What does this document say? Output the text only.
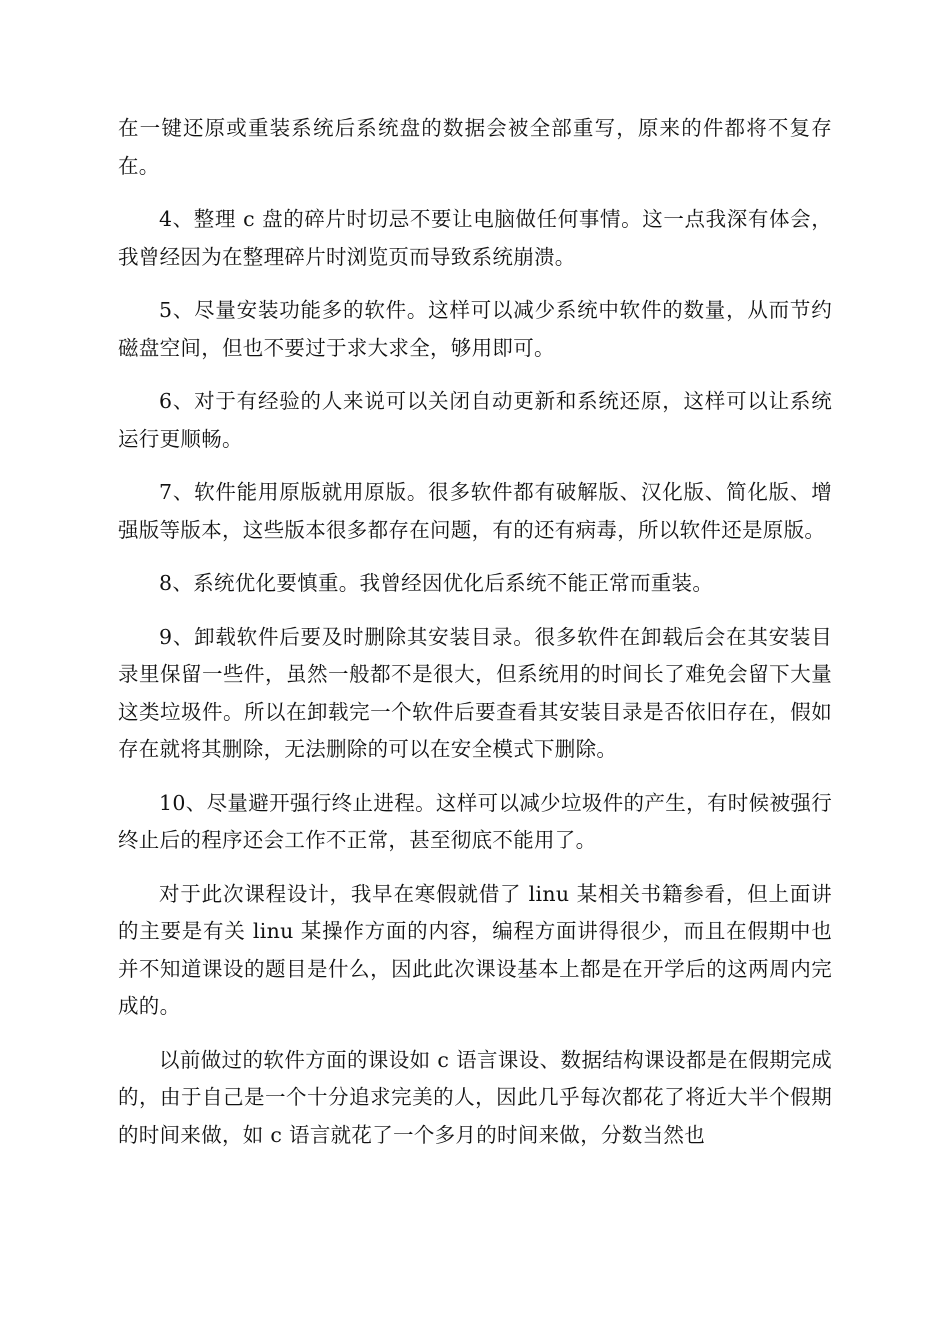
在一键还原或重装系统后系统盘的数据会被全部重写，原来的件都将不复存在。

4、整理 c 盘的碎片时切忌不要让电脑做任何事情。这一点我深有体会，我曾经因为在整理碎片时浏览页而导致系统崩溃。

5、尽量安装功能多的软件。这样可以减少系统中软件的数量，从而节约磁盘空间，但也不要过于求大求全，够用即可。

6、对于有经验的人来说可以关闭自动更新和系统还原，这样可以让系统运行更顺畅。

7、软件能用原版就用原版。很多软件都有破解版、汉化版、简化版、增强版等版本，这些版本很多都存在问题，有的还有病毒，所以软件还是原版。

8、系统优化要慎重。我曾经因优化后系统不能正常而重装。

9、卸载软件后要及时删除其安装目录。很多软件在卸载后会在其安装目录里保留一些件，虽然一般都不是很大，但系统用的时间长了难免会留下大量这类垃圾件。所以在卸载完一个软件后要查看其安装目录是否依旧存在，假如存在就将其删除，无法删除的可以在安全模式下删除。

10、尽量避开强行终止进程。这样可以减少垃圾件的产生，有时候被强行终止后的程序还会工作不正常，甚至彻底不能用了。

对于此次课程设计，我早在寒假就借了 linu 某相关书籍参看，但上面讲的主要是有关 linu 某操作方面的内容，编程方面讲得很少，而且在假期中也并不知道课设的题目是什么，因此此次课设基本上都是在开学后的这两周内完成的。

以前做过的软件方面的课设如 c 语言课设、数据结构课设都是在假期完成的，由于自己是一个十分追求完美的人，因此几乎每次都花了将近大半个假期的时间来做，如 c 语言就花了一个多月的时间来做，分数当然也
